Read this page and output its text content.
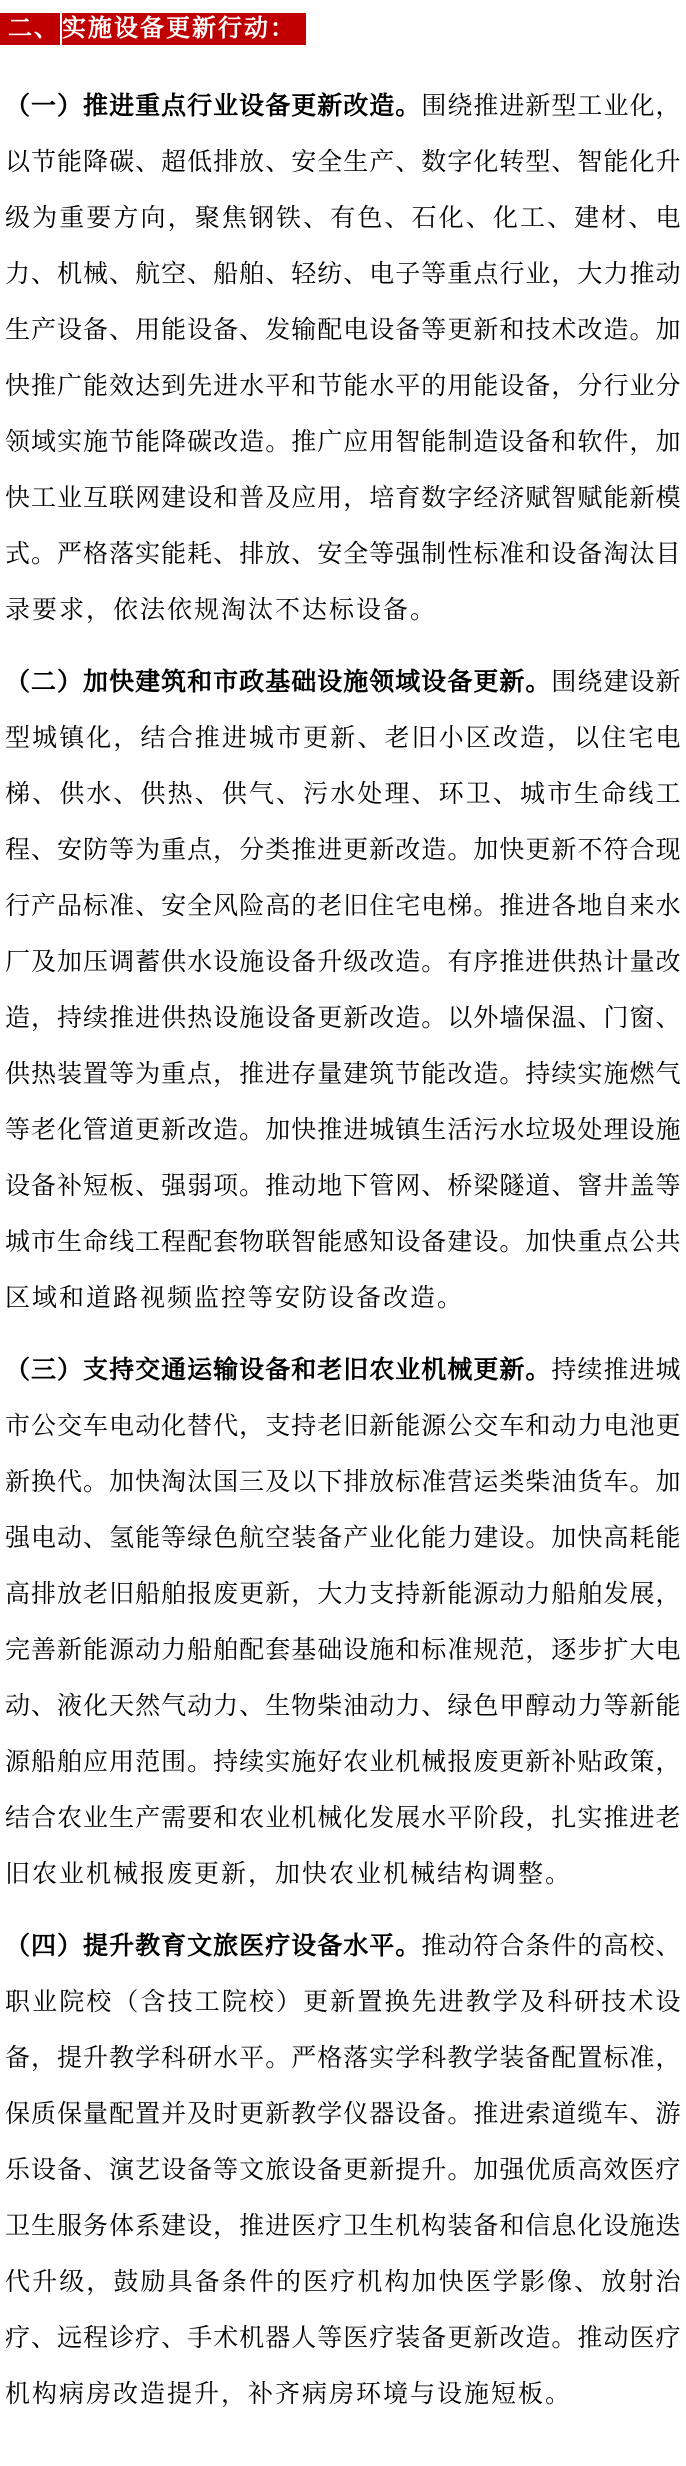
二、实施设备更新行动：
（一）推进重点行业设备更新改造。围绕推进新型工业化，
以节能降碳、超低排放、安全生产、数字化转型、智能化升
级为重要方向，聚焦钢铁、有色、石化、化工、建材、电
力、机械、航空、船舶、轻纺、电子等重点行业，大力推动
生产设备、用能设备、发输配电设备等更新和技术改造。加
快推广能效达到先进水平和节能水平的用能设备，分行业分
领域实施节能降碳改造。推广应用智能制造设备和软件，加
快工业互联网建设和普及应用，培育数字经济赋智赋能新模
式。严格落实能耗、排放、安全等强制性标准和设备淘汰目
录要求，依法依规淘汰不达标设备。
（二）加快建筑和市政基础设施领域设备更新。围绕建设新
型城镇化，结合推进城市更新、老旧小区改造，以住宅电
梯、供水、供热、供气、污水处理、环卫、城市生命线工
程、安防等为重点，分类推进更新改造。加快更新不符合现
行产品标准、安全风险高的老旧住宅电梯。推进各地自来水
厂及加压调蓄供水设施设备升级改造。有序推进供热计量改
造，持续推进供热设施设备更新改造。以外墙保温、门窗、
供热装置等为重点，推进存量建筑节能改造。持续实施燃气
等老化管道更新改造。加快推进城镇生活污水垃圾处理设施
设备补短板、强弱项。推动地下管网、桥梁隧道、窨井盖等
城市生命线工程配套物联智能感知设备建设。加快重点公共
区域和道路视频监控等安防设备改造。
（三）支持交通运输设备和老旧农业机械更新。持续推进城
市公交车电动化替代，支持老旧新能源公交车和动力电池更
新换代。加快淘汰国三及以下排放标准营运类柴油货车。加
强电动、氢能等绿色航空装备产业化能力建设。加快高耗能
高排放老旧船舶报废更新，大力支持新能源动力船舶发展，
完善新能源动力船舶配套基础设施和标准规范，逐步扩大电
动、液化天然气动力、生物柴油动力、绿色甲醇动力等新能
源船舶应用范围。持续实施好农业机械报废更新补贴政策，
结合农业生产需要和农业机械化发展水平阶段，扎实推进老
旧农业机械报废更新，加快农业机械结构调整。
（四）提升教育文旅医疗设备水平。推动符合条件的高校、
职业院校（含技工院校）更新置换先进教学及科研技术设
备，提升教学科研水平。严格落实学科教学装备配置标准，
保质保量配置并及时更新教学仪器设备。推进索道缆车、游
乐设备、演艺设备等文旅设备更新提升。加强优质高效医疗
卫生服务体系建设，推进医疗卫生机构装备和信息化设施迭
代升级，鼓励具备条件的医疗机构加快医学影像、放射治
疗、远程诊疗、手术机器人等医疗装备更新改造。推动医疗
机构病房改造提升，补齐病房环境与设施短板。
